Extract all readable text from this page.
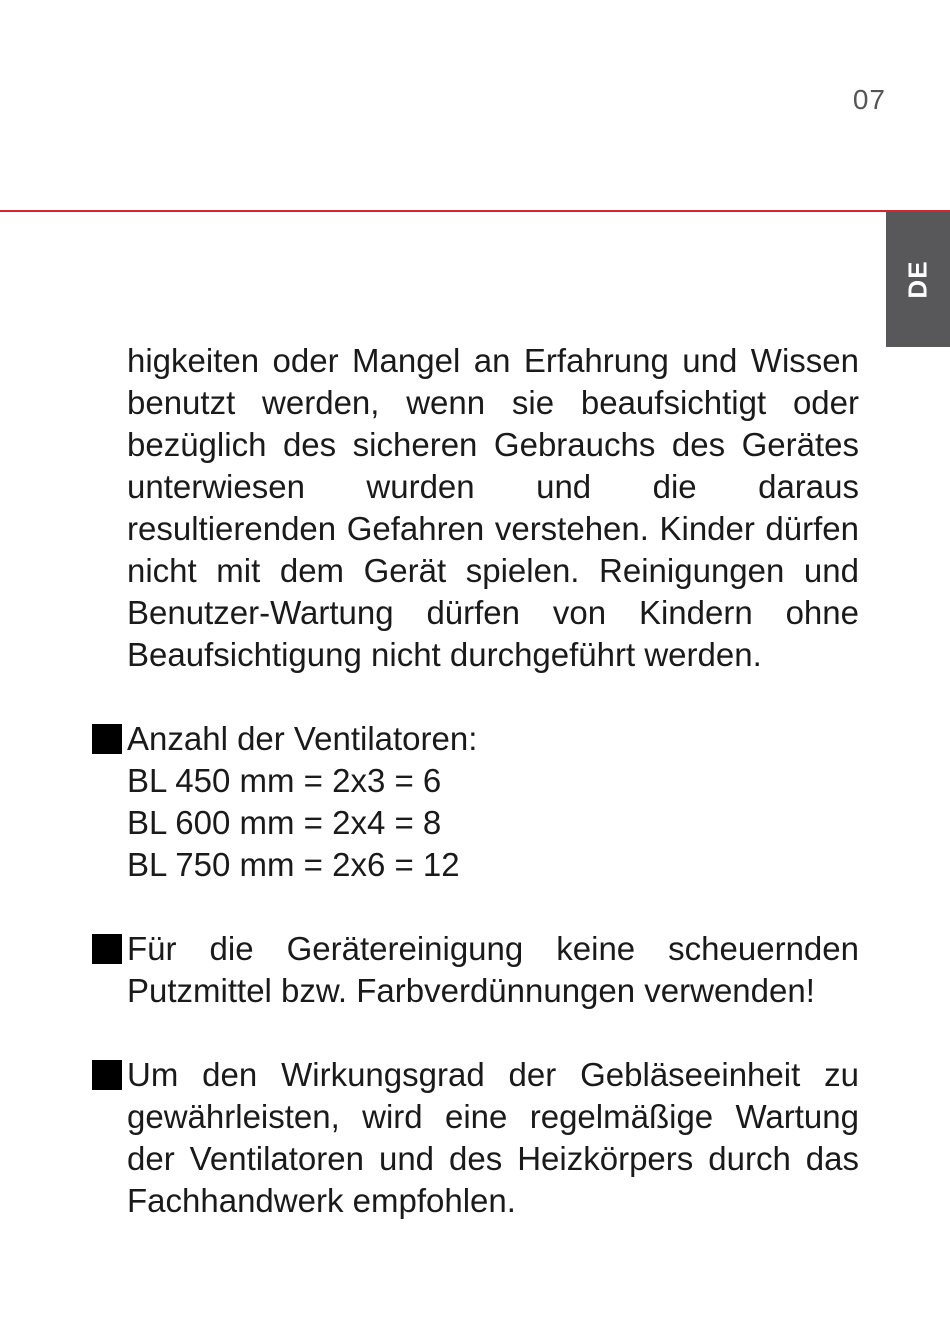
07
DE

higkeiten oder Mangel an Erfahrung und Wissen benutzt werden, wenn sie beaufsichtigt oder bezüglich des sicheren Gebrauchs des Gerätes unterwiesen wurden und die daraus resultierenden Gefahren verstehen. Kinder dürfen nicht mit dem Gerät spielen. Reinigungen und Benutzer-Wartung dürfen von Kindern ohne Beaufsichtigung nicht durchgeführt werden.

Anzahl der Ventilatoren:
BL 450 mm = 2x3 = 6
BL 600 mm = 2x4 = 8
BL 750 mm = 2x6 = 12

Für die Gerätereinigung keine scheuernden Putzmittel bzw. Farbverdünnungen verwenden!

Um den Wirkungsgrad der Gebläseeinheit zu gewährleisten, wird eine regelmäßige Wartung der Ventilatoren und des Heizkörpers durch das Fachhandwerk empfohlen.
